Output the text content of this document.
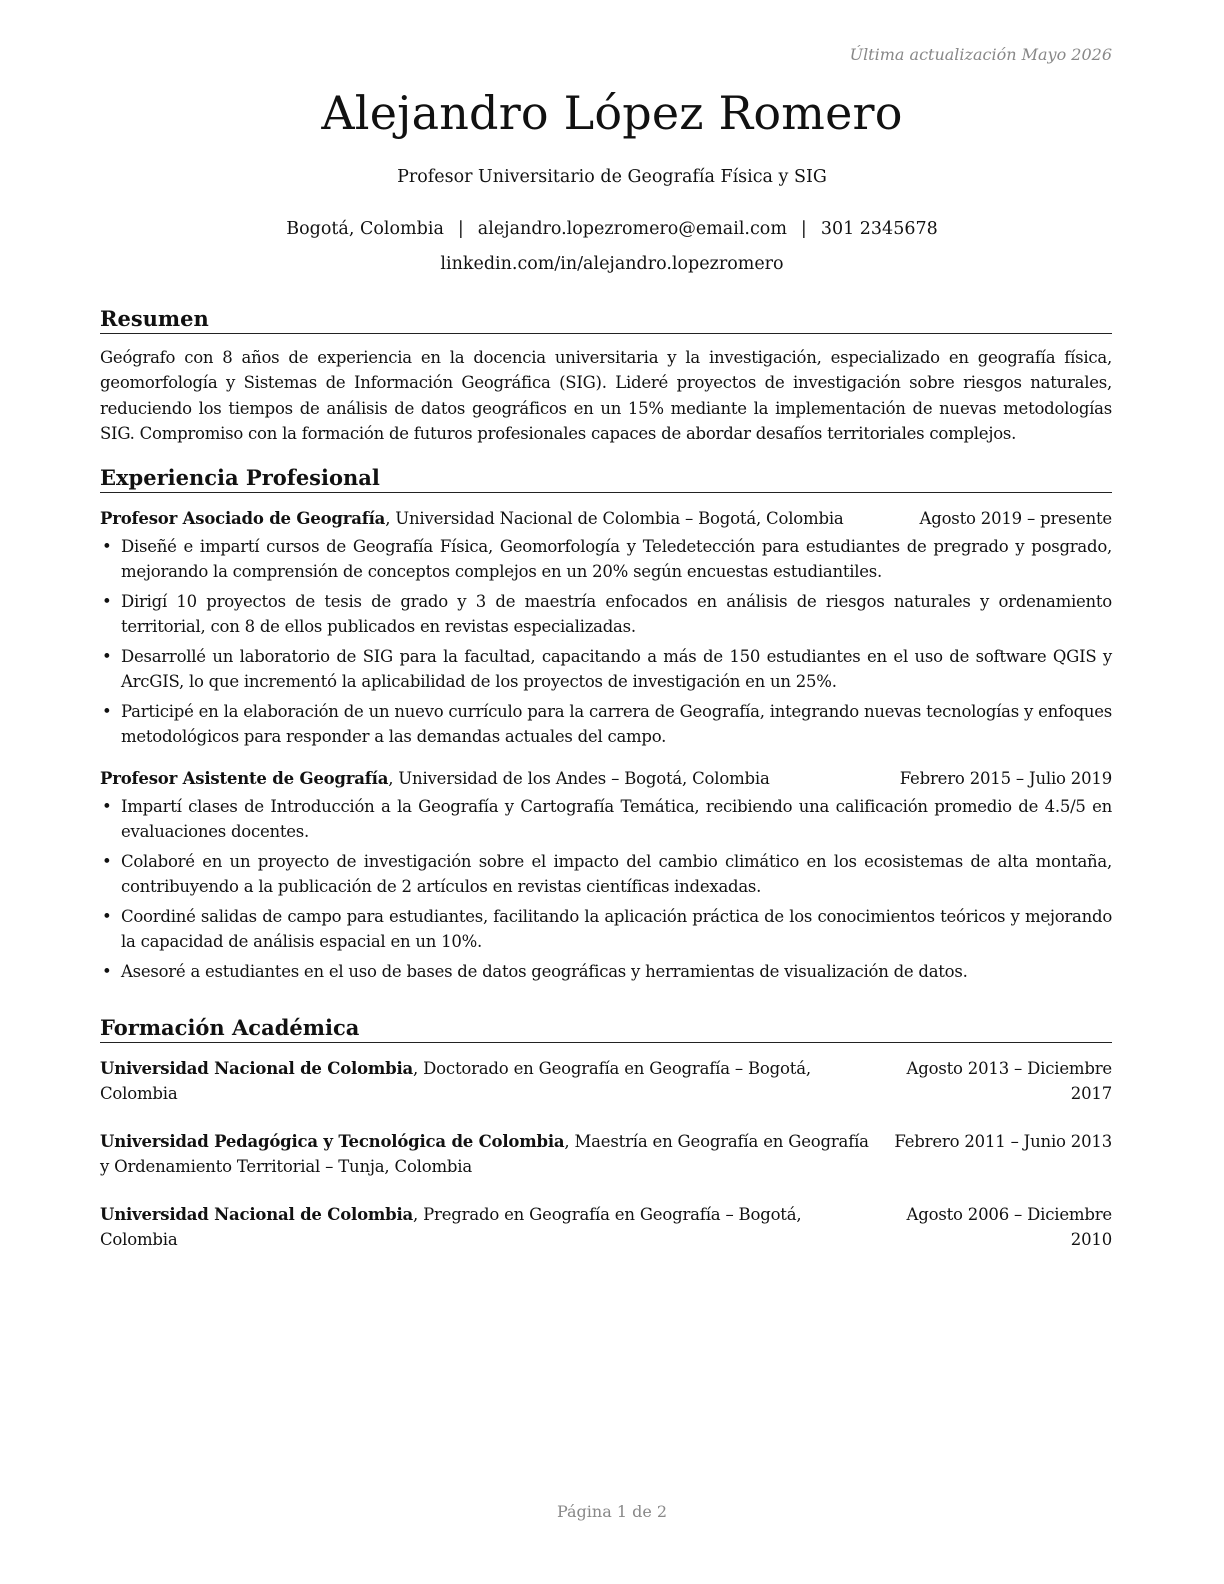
Última actualización Mayo 2026
Alejandro López Romero
Profesor Universitario de Geografía Física y SIG
Bogotá, Colombia | alejandro.lopezromero@email.com | 301 2345678
linkedin.com/in/alejandro.lopezromero
Resumen

Geógrafo con 8 años de experiencia en la docencia universitaria y la investigación, especializado en geografía física, geomorfología y Sistemas de Información Geográfica (SIG). Lideré proyectos de investigación sobre riesgos naturales, reduciendo los tiempos de análisis de datos geográficos en un 15% mediante la implementación de nuevas metodologías SIG. Compromiso con la formación de futuros profesionales capaces de abordar desafíos territoriales complejos.

Experiencia Profesional
Profesor Asociado de Geografía, Universidad Nacional de Colombia – Bogotá, Colombia	Agosto 2019 – presente
• Diseñé e impartí cursos de Geografía Física, Geomorfología y Teledetección para estudiantes de pregrado y posgrado, mejorando la comprensión de conceptos complejos en un 20% según encuestas estudiantiles.
• Dirigí 10 proyectos de tesis de grado y 3 de maestría enfocados en análisis de riesgos naturales y ordenamiento territorial, con 8 de ellos publicados en revistas especializadas.
• Desarrollé un laboratorio de SIG para la facultad, capacitando a más de 150 estudiantes en el uso de software QGIS y ArcGIS, lo que incrementó la aplicabilidad de los proyectos de investigación en un 25%.
• Participé en la elaboración de un nuevo currículo para la carrera de Geografía, integrando nuevas tecnologías y enfoques metodológicos para responder a las demandas actuales del campo.
Profesor Asistente de Geografía, Universidad de los Andes – Bogotá, Colombia	Febrero 2015 – Julio 2019
• Impartí clases de Introducción a la Geografía y Cartografía Temática, recibiendo una calificación promedio de 4.5/5 en evaluaciones docentes.
• Colaboré en un proyecto de investigación sobre el impacto del cambio climático en los ecosistemas de alta montaña, contribuyendo a la publicación de 2 artículos en revistas científicas indexadas.
• Coordiné salidas de campo para estudiantes, facilitando la aplicación práctica de los conocimientos teóricos y mejorando la capacidad de análisis espacial en un 10%.
• Asesoré a estudiantes en el uso de bases de datos geográficas y herramientas de visualización de datos.
Formación Académica
Universidad Nacional de Colombia, Doctorado en Geografía en Geografía – Bogotá,	Agosto 2013 – Diciembre
Colombia	2017
Universidad Pedagógica y Tecnológica de Colombia, Maestría en Geografía en Geografía Febrero 2011 – Junio 2013
y Ordenamiento Territorial – Tunja, Colombia
Universidad Nacional de Colombia, Pregrado en Geografía en Geografía – Bogotá,	Agosto 2006 – Diciembre
Colombia	2010
Página 1 de 2
